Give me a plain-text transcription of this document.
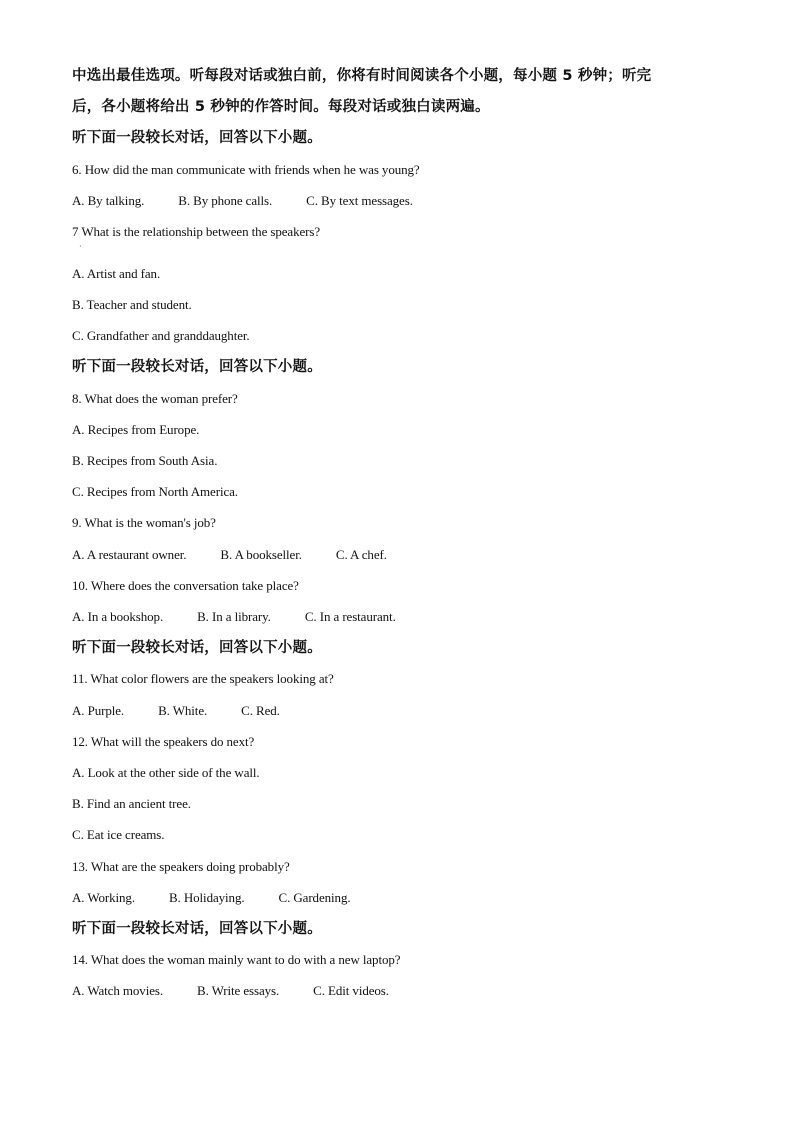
中选出最佳选项。听每段对话或独白前，你将有时间阅读各个小题，每小题 5 秒钟；听完
后，各小题将给出 5 秒钟的作答时间。每段对话或独白读两遍。
听下面一段较长对话，回答以下小题。
6. How did the man communicate with friends when he was young?
A. By talking.	B. By phone calls.	C. By text messages.
7 What is the relationship between the speakers?
·
A. Artist and fan.
B. Teacher and student.
C. Grandfather and granddaughter.
听下面一段较长对话，回答以下小题。
8. What does the woman prefer?
A. Recipes from Europe.
B. Recipes from South Asia.
C. Recipes from North America.
9. What is the woman's job?
A. A restaurant owner.	B. A bookseller.	C. A chef.
10. Where does the conversation take place?
A. In a bookshop.	B. In a library.	C. In a restaurant.
听下面一段较长对话，回答以下小题。
11. What color flowers are the speakers looking at?
A. Purple.	B. White.	C. Red.
12. What will the speakers do next?
A. Look at the other side of the wall.
B. Find an ancient tree.
C. Eat ice creams.
13. What are the speakers doing probably?
A. Working.	B. Holidaying.	C. Gardening.
听下面一段较长对话，回答以下小题。
14. What does the woman mainly want to do with a new laptop?
A. Watch movies.	B. Write essays.	C. Edit videos.
